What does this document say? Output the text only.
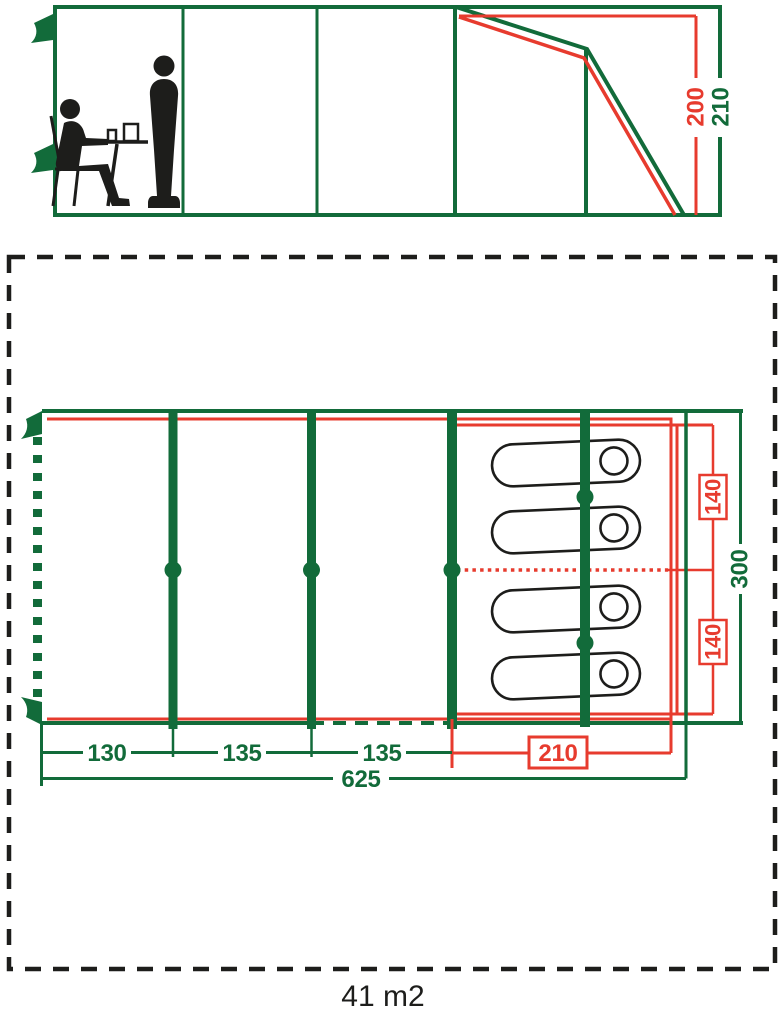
200
210
300
130	135	135	210
625
140
140
41 m2
